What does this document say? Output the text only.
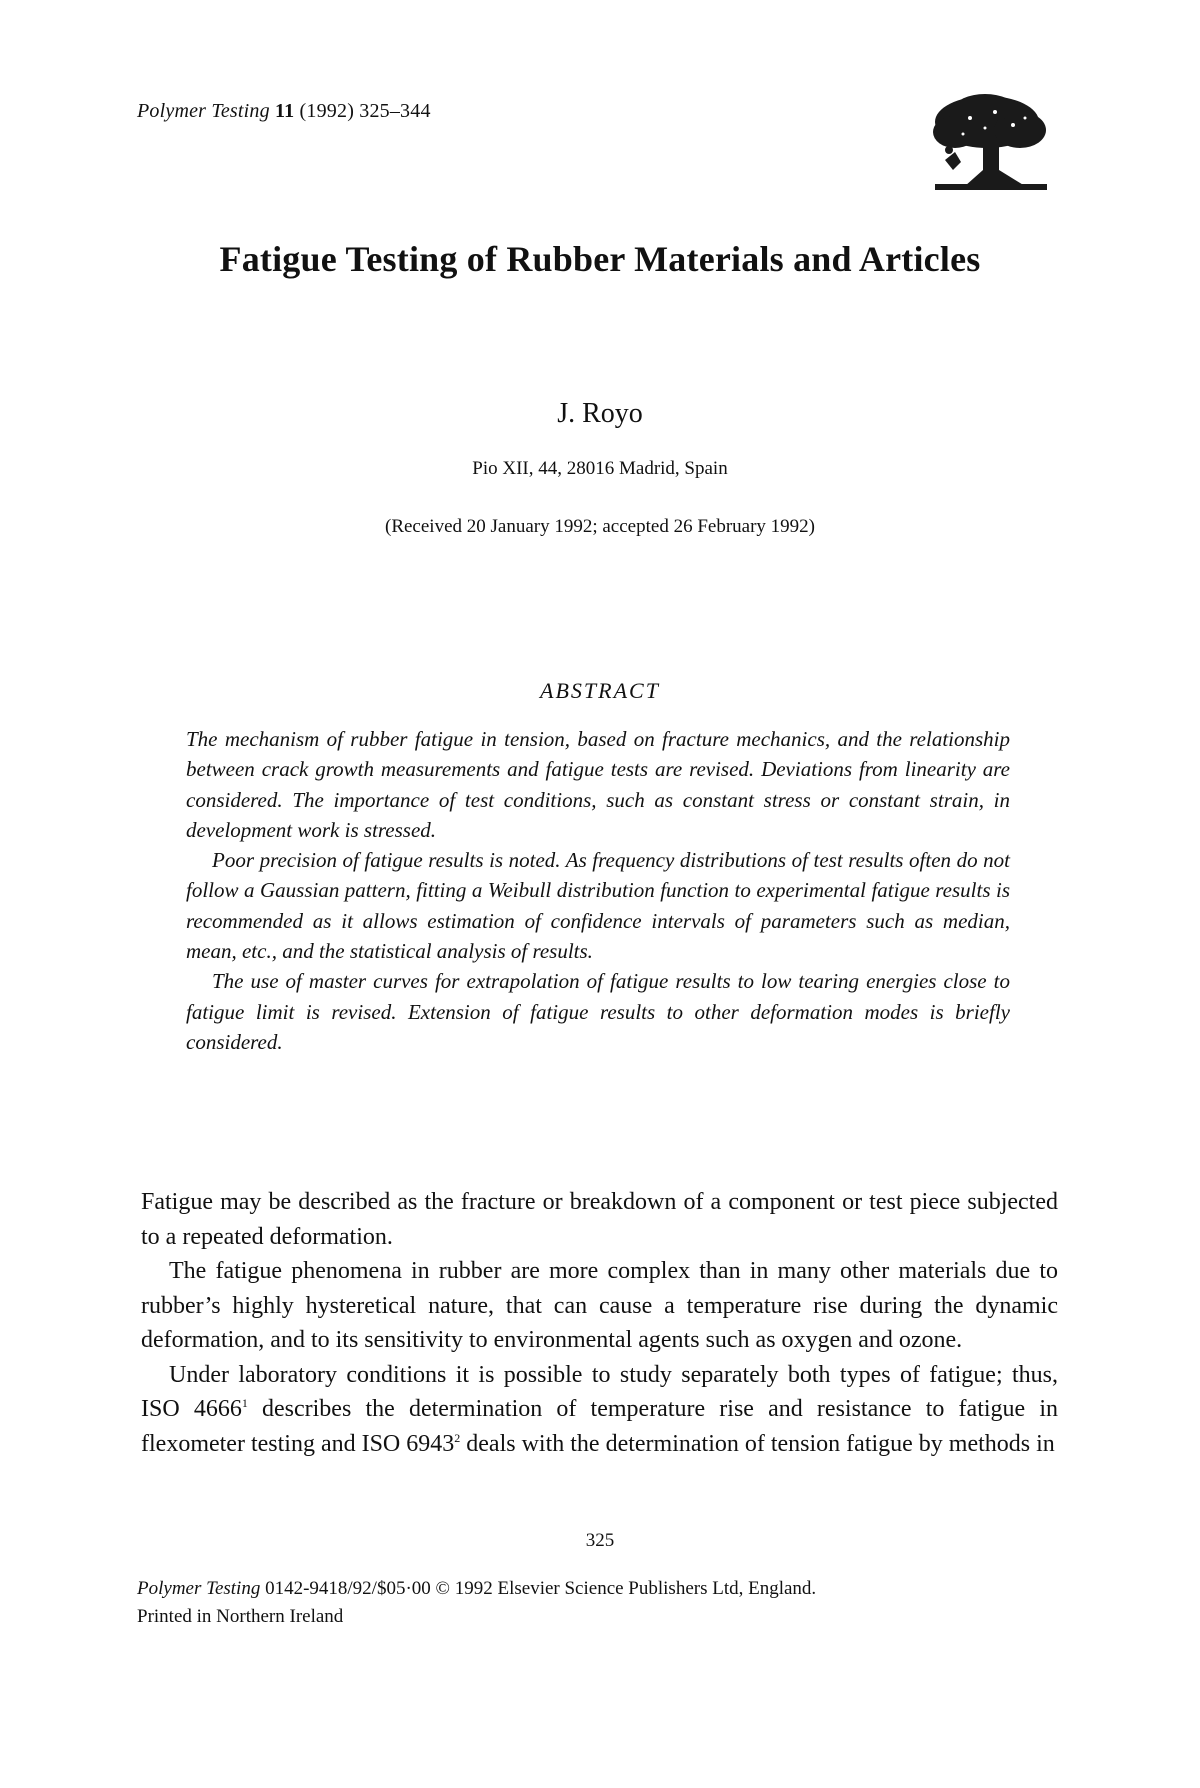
Polymer Testing 11 (1992) 325–344
Fatigue Testing of Rubber Materials and Articles
J. Royo
Pio XII, 44, 28016 Madrid, Spain
(Received 20 January 1992; accepted 26 February 1992)
ABSTRACT

The mechanism of rubber fatigue in tension, based on fracture mechanics, and the relationship between crack growth measurements and fatigue tests are revised. Deviations from linearity are considered. The importance of test conditions, such as constant stress or constant strain, in development work is stressed.

Poor precision of fatigue results is noted. As frequency distributions of test results often do not follow a Gaussian pattern, fitting a Weibull distribution function to experimental fatigue results is recommended as it allows estimation of confidence intervals of parameters such as median, mean, etc., and the statistical analysis of results.

The use of master curves for extrapolation of fatigue results to low tearing energies close to fatigue limit is revised. Extension of fatigue results to other deformation modes is briefly considered.

Fatigue may be described as the fracture or breakdown of a component or test piece subjected to a repeated deformation.

The fatigue phenomena in rubber are more complex than in many other materials due to rubber’s highly hysteretical nature, that can cause a temperature rise during the dynamic deformation, and to its sensitivity to environmental agents such as oxygen and ozone.

Under laboratory conditions it is possible to study separately both types of fatigue; thus, ISO 4666$^1$ describes the determination of temperature rise and resistance to fatigue in flexometer testing and ISO 6943$^2$ deals with the determination of tension fatigue by methods in

325
Polymer Testing 0142-9418/92/$05·00 © 1992 Elsevier Science Publishers Ltd, England.
Printed in Northern Ireland
